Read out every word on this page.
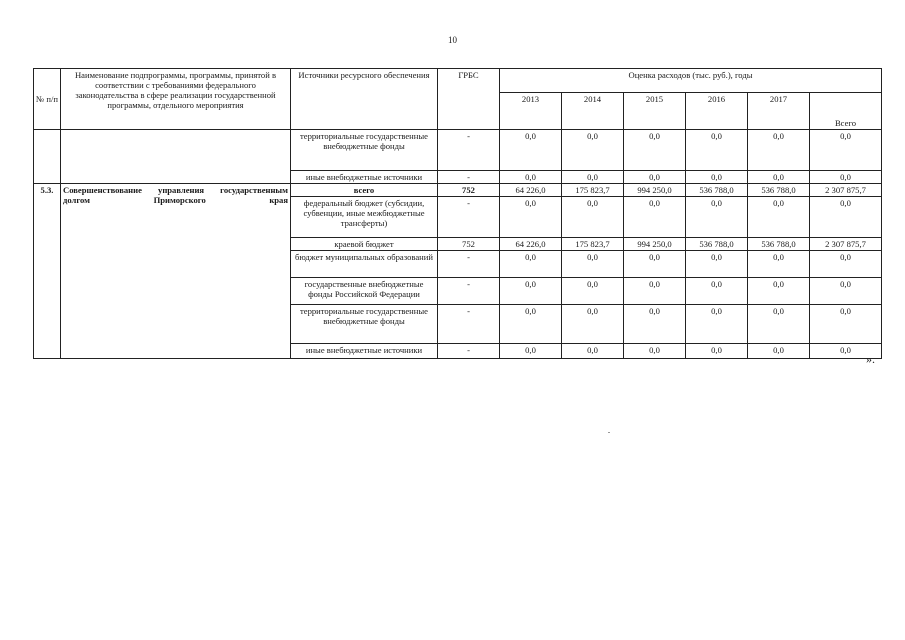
10
№ п/п	Наименование подпрограммы, программы, принятой в соответствии с требованиями федерального законодательства в сфере реализации государственной программы, отдельного мероприятия	Источники ресурсного обеспечения	ГРБС	Оценка расходов (тыс. руб.), годы					
				2013	2014	2015	2016	2017	Всего
		территориальные государственные внебюджетные фонды	-	0,0	0,0	0,0	0,0	0,0	0,0
		иные внебюджетные источники	-	0,0	0,0	0,0	0,0	0,0	0,0
5.3.	Совершенствование управления государственным долгом Приморского края	всего	752	64 226,0	175 823,7	994 250,0	536 788,0	536 788,0	2 307 875,7
		федеральный бюджет (субсидии, субвенции, иные межбюджетные трансферты)	-	0,0	0,0	0,0	0,0	0,0	0,0
		краевой бюджет	752	64 226,0	175 823,7	994 250,0	536 788,0	536 788,0	2 307 875,7
		бюджет муниципальных образований	-	0,0	0,0	0,0	0,0	0,0	0,0
		государственные внебюджетные фонды Российской Федерации	-	0,0	0,0	0,0	0,0	0,0	0,0
		территориальные государственные внебюджетные фонды	-	0,0	0,0	0,0	0,0	0,0	0,0
		иные внебюджетные источники	-	0,0	0,0	0,0	0,0	0,0	0,0
».
